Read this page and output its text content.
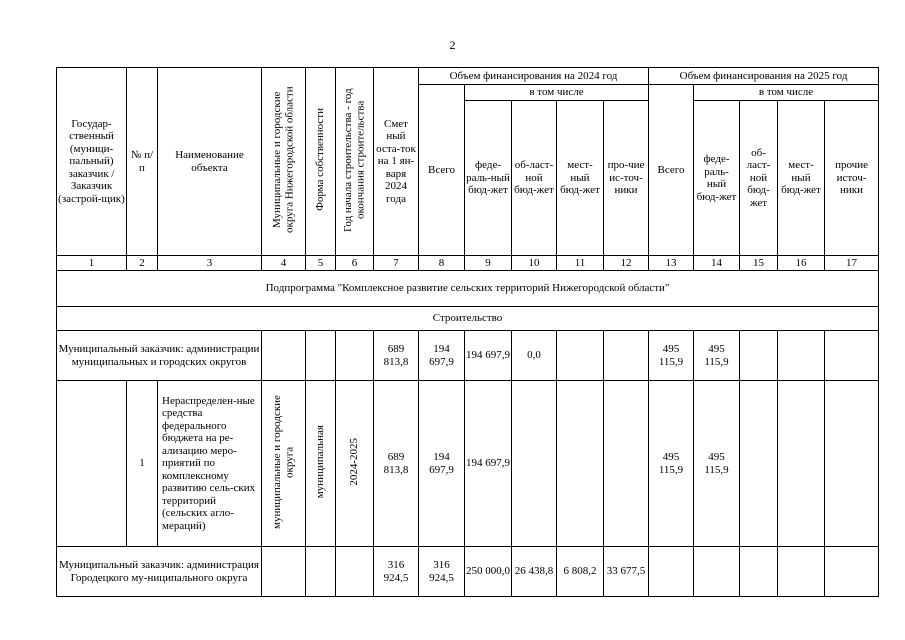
2
Государ-ственный (муници-пальный) заказчик / Заказчик (застрой-щик)	№ п/п	Наименование объекта	Муниципальные и городские округа Нижегородской области	Форма собственности	Год начала строительства - год окончания строительства	Смет ный оста-ток на 1 ян-варя 2024 года	Объем финансирования на 2024 год					Объем финансирования на 2025 год				
							Всего	в том числе				Всего	в том числе			
								феде-раль-ный бюд-жет	об-ласт-ной бюд-жет	мест-ный бюд-жет	про-чие ис-точ-ники		феде-раль-ный бюд-жет	об-ласт-ной бюд-жет	мест-ный бюд-жет	прочие источ-ники
1	2	3	4	5	6	7	8	9	10	11	12	13	14	15	16	17
Подпрограмма "Комплексное развитие сельских территорий Нижегородской области"																
Строительство																
Муниципальный заказчик: администрации муниципальных и городских округов						689 813,8	194 697,9	194 697,9	0,0			495 115,9	495 115,9			
	1	Нераспределен-ные средства федерального бюджета на ре-ализацию меро-приятий по комплексному развитию сель-ских территорий (сельских агло-мераций)	муниципальные и городские округа	муниципальная	2024-2025	689 813,8	194 697,9	194 697,9				495 115,9	495 115,9			
Муниципальный заказчик: администрация Городецкого му-ниципального округа						316 924,5	316 924,5	250 000,0	26 438,8	6 808,2	33 677,5					
